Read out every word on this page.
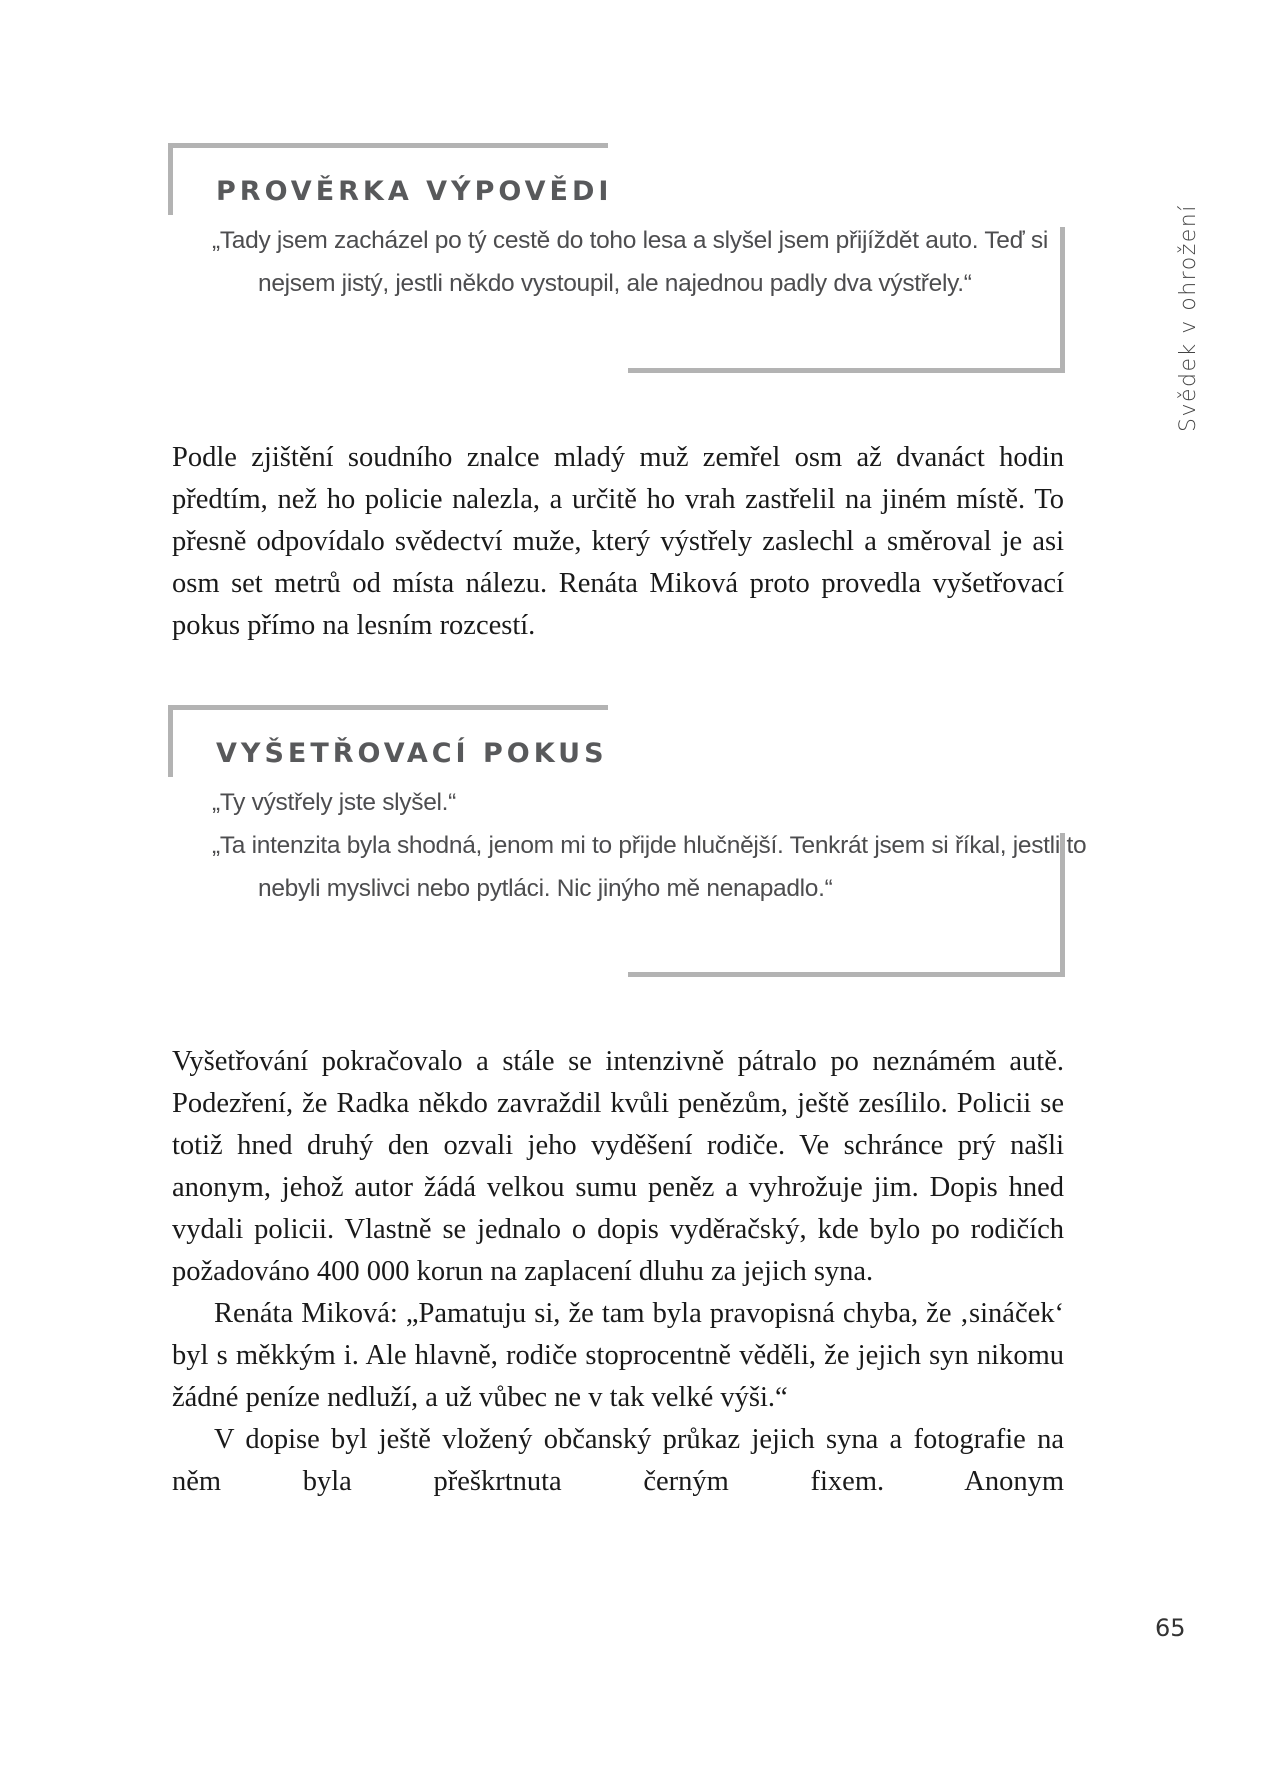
PROVĚRKA VÝPOVĚDI
„Tady jsem zacházel po tý cestě do toho lesa a slyšel jsem přijíždět auto. Teď si nejsem jistý, jestli někdo vystoupil, ale najednou padly dva výstřely.“

Podle zjištění soudního znalce mladý muž zemřel osm až dvanáct hodin předtím, než ho policie nalezla, a určitě ho vrah zastřelil na jiném místě. To přesně odpovídalo svědectví muže, který výstřely zaslechl a směroval je asi osm set metrů od místa nálezu. Renáta Miková proto provedla vyšetřovací pokus přímo na lesním rozcestí.

VYŠETŘOVACÍ POKUS
„Ty výstřely jste slyšel.“
„Ta intenzita byla shodná, jenom mi to přijde hlučnější. Tenkrát jsem si říkal, jestli to nebyli myslivci nebo pytláci. Nic jinýho mě nenapadlo.“

Vyšetřování pokračovalo a stále se intenzivně pátralo po neznámém autě. Podezření, že Radka někdo zavraždil kvůli penězům, ještě zesílilo. Policii se totiž hned druhý den ozvali jeho vyděšení rodiče. Ve schránce prý našli anonym, jehož autor žádá velkou sumu peněz a vyhrožuje jim. Dopis hned vydali policii. Vlastně se jednalo o dopis vyděračský, kde bylo po rodičích požadováno 400 000 korun na zaplacení dluhu za jejich syna.

Renáta Miková: „Pamatuju si, že tam byla pravopisná chyba, že ‚sináček‘ byl s měkkým i. Ale hlavně, rodiče stoprocentně věděli, že jejich syn nikomu žádné peníze nedluží, a už vůbec ne v tak velké výši.“

V dopise byl ještě vložený občanský průkaz jejich syna a fotografie na něm byla přeškrtnuta černým fixem. Anonym

Svědek v ohrožení
65
